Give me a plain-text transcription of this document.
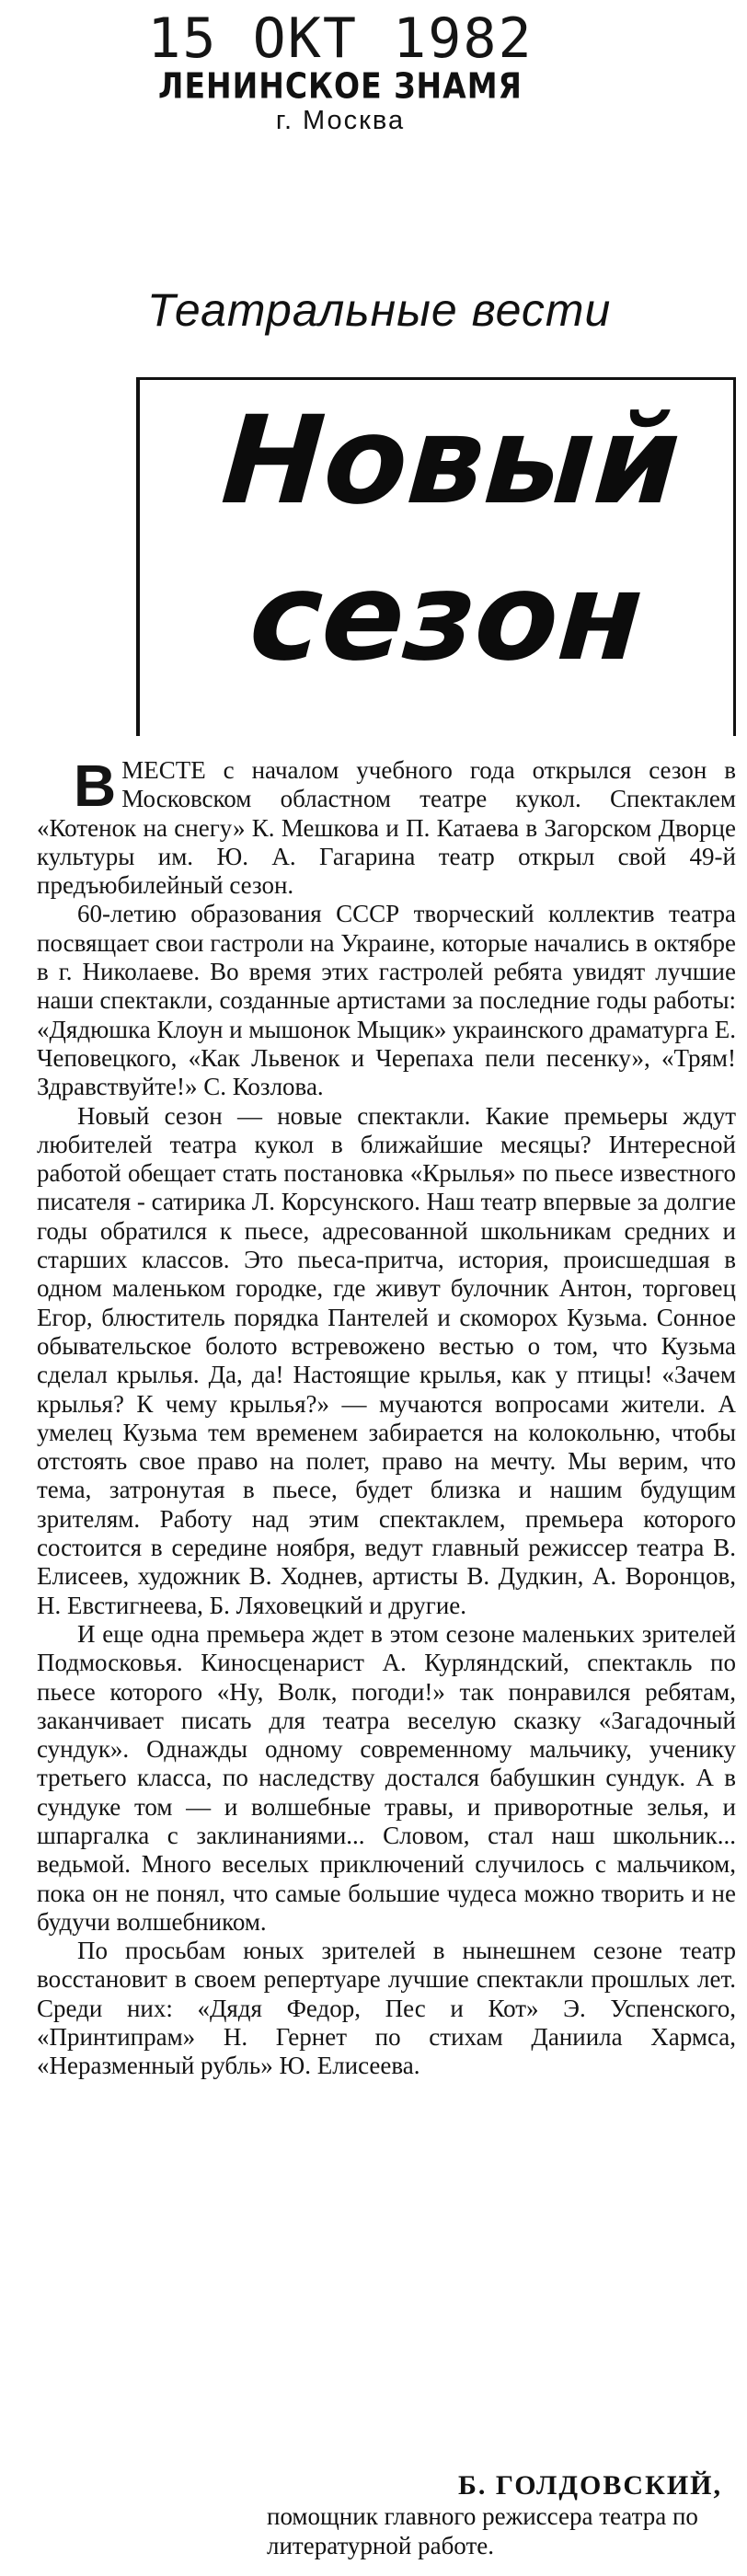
15 ОКТ 1982
ЛЕНИНСКОЕ ЗНАМЯ
г. Москва
Театральные вести
Новый
сезон

ВМЕСТЕ с началом учебного года открылся сезон в Московском областном театре кукол. Спектаклем «Котенок на снегу» К. Мешкова и П. Катаева в Загорском Дворце культуры им. Ю. А. Гагарина театр открыл свой 49-й предъюбилейный сезон.

60-летию образования СССР творческий коллектив театра посвящает свои гастроли на Украине, которые начались в октябре в г. Николаеве. Во время этих гастролей ребята увидят лучшие наши спектакли, созданные артистами за последние годы работы: «Дядюшка Клоун и мышонок Мыцик» украинского драматурга Е. Чеповецкого, «Как Львенок и Черепаха пели песенку», «Трям! Здравствуйте!» С. Козлова.

Новый сезон — новые спектакли. Какие премьеры ждут любителей театра кукол в ближайшие месяцы? Интересной работой обещает стать постановка «Крылья» по пьесе известного писателя - сатирика Л. Корсунского. Наш театр впервые за долгие годы обратился к пьесе, адресованной школьникам средних и старших классов. Это пьеса-притча, история, происшедшая в одном маленьком городке, где живут булочник Антон, торговец Егор, блюститель порядка Пантелей и скоморох Кузьма. Сонное обывательское болото встревожено вестью о том, что Кузьма сделал крылья. Да, да! Настоящие крылья, как у птицы! «Зачем крылья? К чему крылья?» — мучаются вопросами жители. А умелец Кузьма тем временем забирается на колокольню, чтобы отстоять свое право на полет, право на мечту. Мы верим, что тема, затронутая в пьесе, будет близка и нашим будущим зрителям. Работу над этим спектаклем, премьера которого состоится в середине ноября, ведут главный режиссер театра В. Елисеев, художник В. Ходнев, артисты В. Дудкин, А. Воронцов, Н. Евстигнеева, Б. Ляховецкий и другие.

И еще одна премьера ждет в этом сезоне маленьких зрителей Подмосковья. Киносценарист А. Курляндский, спектакль по пьесе которого «Ну, Волк, погоди!» так понравился ребятам, заканчивает писать для театра веселую сказку «Загадочный сундук». Однажды одному современному мальчику, ученику третьего класса, по наследству достался бабушкин сундук. А в сундуке том — и волшебные травы, и приворотные зелья, и шпаргалка с заклинаниями... Словом, стал наш школьник... ведьмой. Много веселых приключений случилось с мальчиком, пока он не понял, что самые большие чудеса можно творить и не будучи волшебником.

По просьбам юных зрителей в нынешнем сезоне театр восстановит в своем репертуаре лучшие спектакли прошлых лет. Среди них: «Дядя Федор, Пес и Кот» Э. Успенского, «Принтипрам» Н. Гернет по стихам Даниила Хармса, «Неразменный рубль» Ю. Елисеева.

Б. ГОЛДОВСКИЙ,
помощник главного режиссера театра по литературной работе.
